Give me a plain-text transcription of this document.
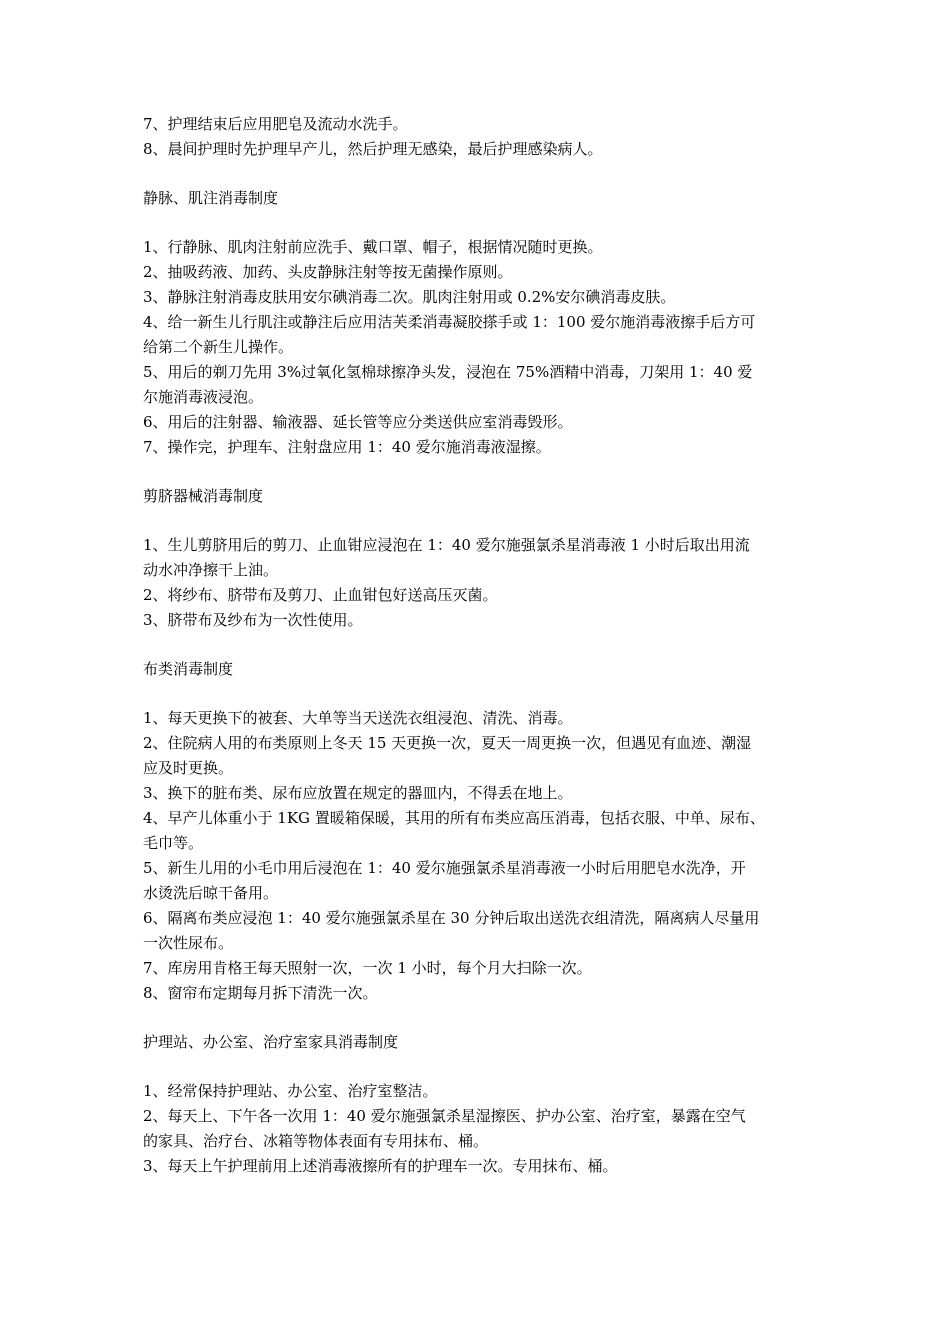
7、护理结束后应用肥皂及流动水洗手。
8、晨间护理时先护理早产儿，然后护理无感染，最后护理感染病人。
静脉、肌注消毒制度
1、行静脉、肌肉注射前应洗手、戴口罩、帽子，根据情况随时更换。
2、抽吸药液、加药、头皮静脉注射等按无菌操作原则。
3、静脉注射消毒皮肤用安尔碘消毒二次。肌肉注射用或 0.2%安尔碘消毒皮肤。
4、给一新生儿行肌注或静注后应用洁芙柔消毒凝胶搽手或 1：100 爱尔施消毒液擦手后方可
给第二个新生儿操作。
5、用后的剃刀先用 3%过氧化氢棉球擦净头发，浸泡在 75%酒精中消毒，刀架用 1：40 爱
尔施消毒液浸泡。
6、用后的注射器、输液器、延长管等应分类送供应室消毒毁形。
7、操作完，护理车、注射盘应用 1：40 爱尔施消毒液湿擦。
剪脐器械消毒制度
1、生儿剪脐用后的剪刀、止血钳应浸泡在 1：40 爱尔施强氯杀星消毒液 1 小时后取出用流
动水冲净擦干上油。
2、将纱布、脐带布及剪刀、止血钳包好送高压灭菌。
3、脐带布及纱布为一次性使用。
布类消毒制度
1、每天更换下的被套、大单等当天送洗衣组浸泡、清洗、消毒。
2、住院病人用的布类原则上冬天 15 天更换一次，夏天一周更换一次，但遇见有血迹、潮湿
应及时更换。
3、换下的脏布类、尿布应放置在规定的器皿内，不得丢在地上。
4、早产儿体重小于 1KG 置暖箱保暖，其用的所有布类应高压消毒，包括衣服、中单、尿布、
毛巾等。
5、新生儿用的小毛巾用后浸泡在 1：40 爱尔施强氯杀星消毒液一小时后用肥皂水洗净，开
水烫洗后晾干备用。
6、隔离布类应浸泡 1：40 爱尔施强氯杀星在 30 分钟后取出送洗衣组清洗，隔离病人尽量用
一次性尿布。
7、库房用肯格王每天照射一次，一次 1 小时，每个月大扫除一次。
8、窗帘布定期每月拆下清洗一次。
护理站、办公室、治疗室家具消毒制度
1、经常保持护理站、办公室、治疗室整洁。
2、每天上、下午各一次用 1：40 爱尔施强氯杀星湿擦医、护办公室、治疗室，暴露在空气
的家具、治疗台、冰箱等物体表面有专用抹布、桶。
3、每天上午护理前用上述消毒液擦所有的护理车一次。专用抹布、桶。
